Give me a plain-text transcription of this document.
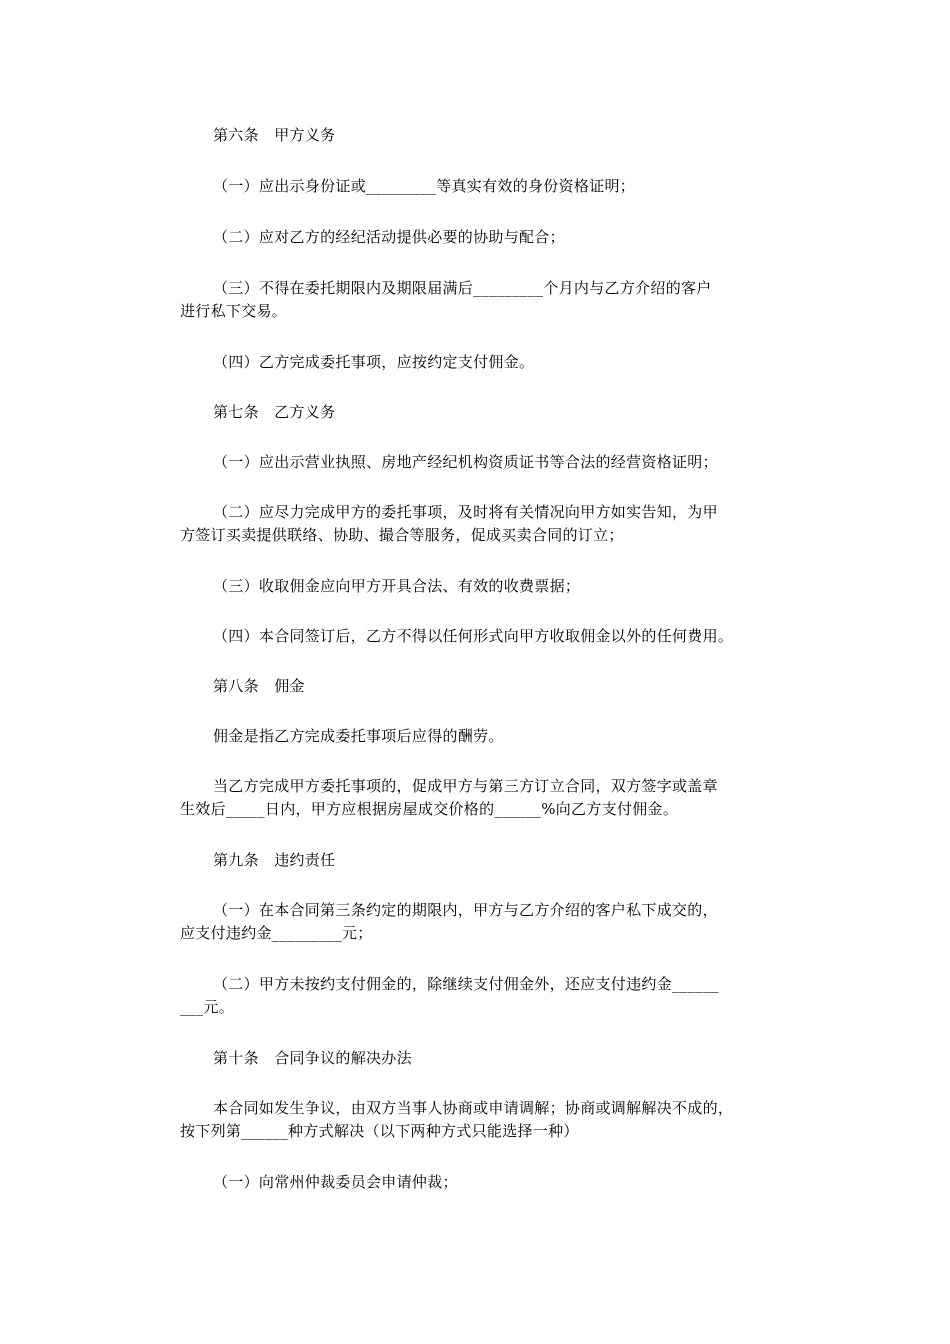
第六条　甲方义务
（一）应出示身份证或_________等真实有效的身份资格证明；
（二）应对乙方的经纪活动提供必要的协助与配合；
（三）不得在委托期限内及期限届满后_________个月内与乙方介绍的客户
进行私下交易。
（四）乙方完成委托事项，应按约定支付佣金。
第七条　乙方义务
（一）应出示营业执照、房地产经纪机构资质证书等合法的经营资格证明；
（二）应尽力完成甲方的委托事项，及时将有关情况向甲方如实告知，为甲
方签订买卖提供联络、协助、撮合等服务，促成买卖合同的订立；
（三）收取佣金应向甲方开具合法、有效的收费票据；
（四）本合同签订后，乙方不得以任何形式向甲方收取佣金以外的任何费用。
第八条　佣金
佣金是指乙方完成委托事项后应得的酬劳。
当乙方完成甲方委托事项的，促成甲方与第三方订立合同，双方签字或盖章
生效后_____日内，甲方应根据房屋成交价格的______%向乙方支付佣金。
第九条　违约责任
（一）在本合同第三条约定的期限内，甲方与乙方介绍的客户私下成交的，
应支付违约金_________元；
（二）甲方未按约支付佣金的，除继续支付佣金外，还应支付违约金______
___元。
第十条　合同争议的解决办法
本合同如发生争议，由双方当事人协商或申请调解；协商或调解解决不成的，
按下列第______种方式解决（以下两种方式只能选择一种）
（一）向常州仲裁委员会申请仲裁；
